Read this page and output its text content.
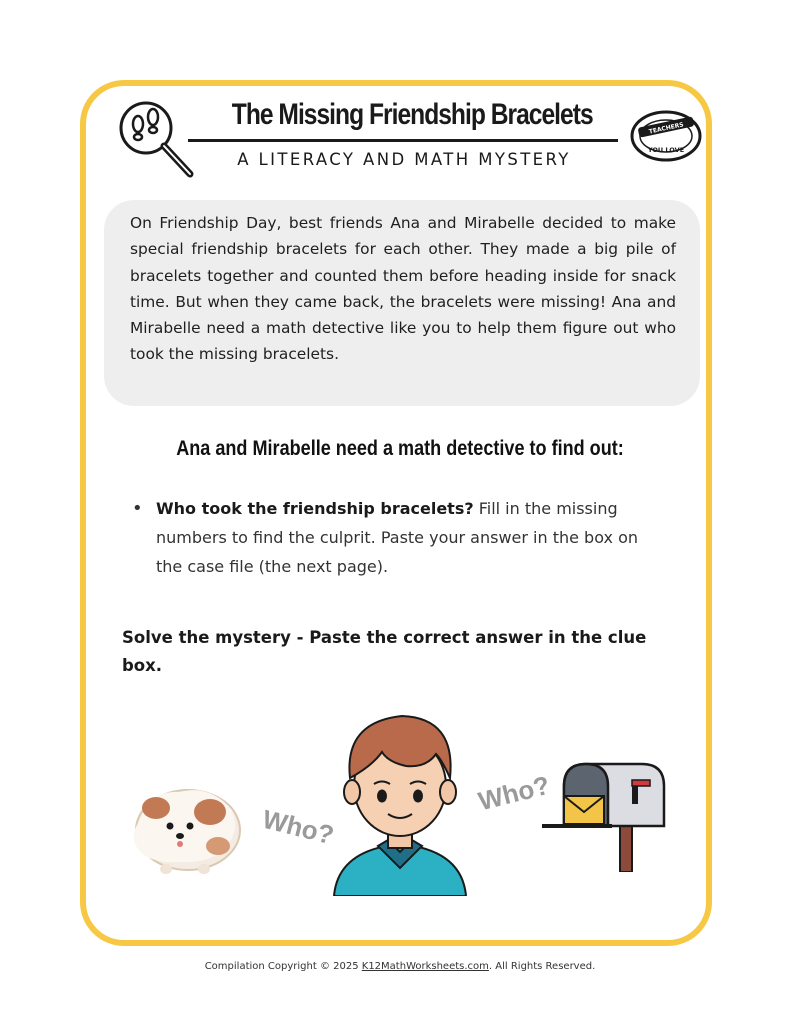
The Missing Friendship Bracelets
A LITERACY AND MATH MYSTERY
TEACHERS
YOU LOVE
On Friendship Day, best friends Ana and Mirabelle decided to make special friendship bracelets for each other. They made a big pile of bracelets together and counted them before heading inside for snack time. But when they came back, the bracelets were missing! Ana and Mirabelle need a math detective like you to help them figure out who took the missing bracelets.
Ana and Mirabelle need a math detective to find out:
• Who took the friendship bracelets? Fill in the missing numbers to find the culprit. Paste your answer in the box on the case file (the next page).
Solve the mystery - Paste the correct answer in the clue box.
Who?
Who?
Compilation Copyright © 2025 K12MathWorksheets.com. All Rights Reserved.
